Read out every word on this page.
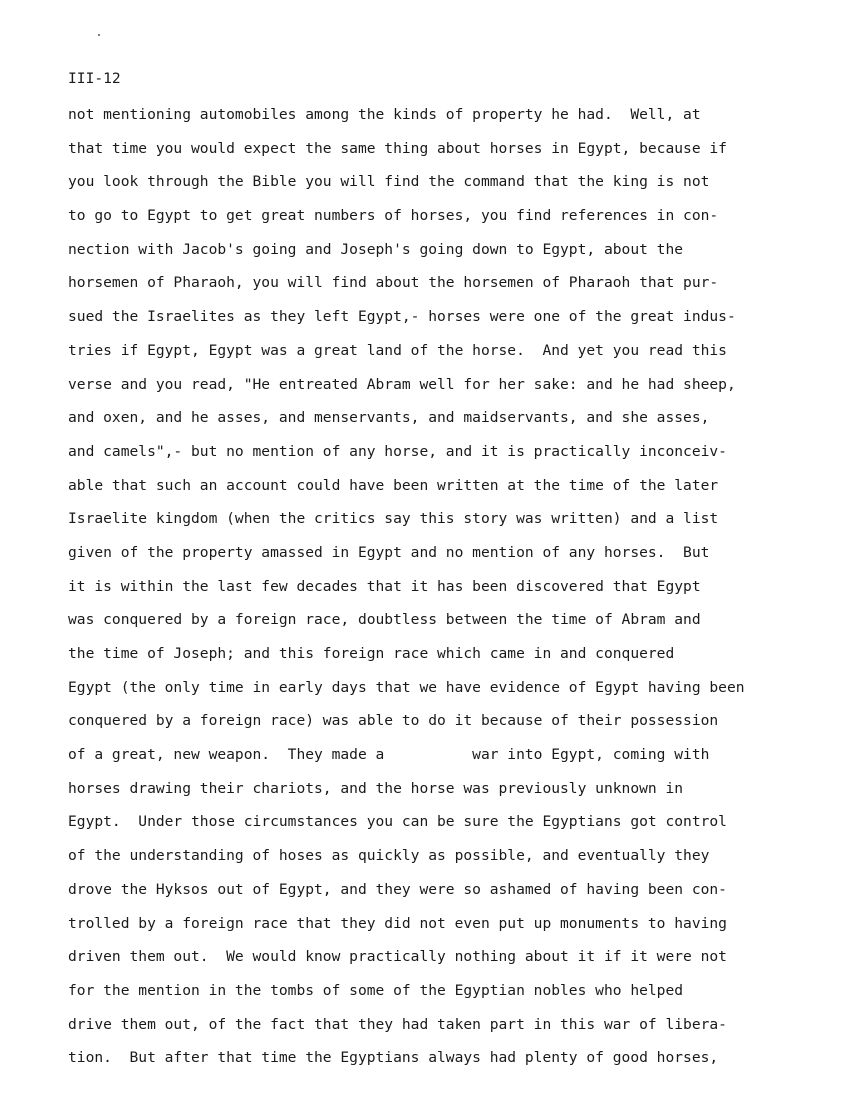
III-12
not mentioning automobiles among the kinds of property he had.  Well, at
that time you would expect the same thing about horses in Egypt, because if
you look through the Bible you will find the command that the king is not
to go to Egypt to get great numbers of horses, you find references in con-
nection with Jacob's going and Joseph's going down to Egypt, about the
horsemen of Pharaoh, you will find about the horsemen of Pharaoh that pur-
sued the Israelites as they left Egypt,- horses were one of the great indus-
tries if Egypt, Egypt was a great land of the horse.  And yet you read this
verse and you read, "He entreated Abram well for her sake: and he had sheep,
and oxen, and he asses, and menservants, and maidservants, and she asses,
and camels",- but no mention of any horse, and it is practically inconceiv-
able that such an account could have been written at the time of the later
Israelite kingdom (when the critics say this story was written) and a list
given of the property amassed in Egypt and no mention of any horses.  But
it is within the last few decades that it has been discovered that Egypt
was conquered by a foreign race, doubtless between the time of Abram and
the time of Joseph; and this foreign race which came in and conquered
Egypt (the only time in early days that we have evidence of Egypt having been
conquered by a foreign race) was able to do it because of their possession
of a great, new weapon.  They made a          war into Egypt, coming with
horses drawing their chariots, and the horse was previously unknown in
Egypt.  Under those circumstances you can be sure the Egyptians got control
of the understanding of hoses as quickly as possible, and eventually they
drove the Hyksos out of Egypt, and they were so ashamed of having been con-
trolled by a foreign race that they did not even put up monuments to having
driven them out.  We would know practically nothing about it if it were not
for the mention in the tombs of some of the Egyptian nobles who helped
drive them out, of the fact that they had taken part in this war of libera-
tion.  But after that time the Egyptians always had plenty of good horses,
